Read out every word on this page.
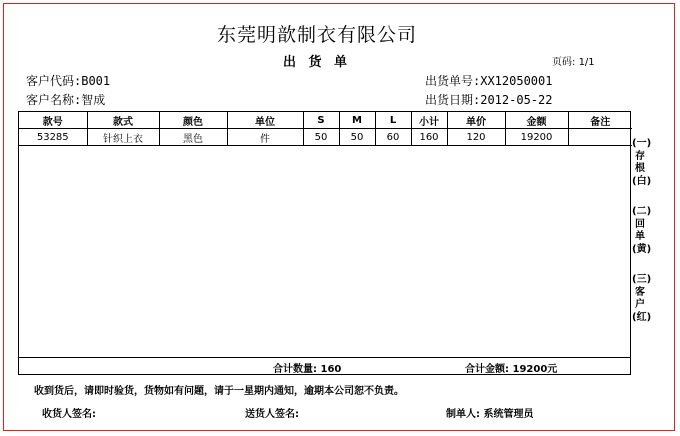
东莞明歆制衣有限公司
出 货 单	页码: 1/1
客户代码:B001
客户名称:智成
出货单号:XX12050001
出货日期:2012-05-22
款号	款式	颜色	单位	S	M	L	小计	单价	金额	备注
53285	针织上衣	黑色	件	50	50	60	160	120	19200	
合计数量: 160	合计金额: 19200元
(一)
存
根
(白)
(二)
回
单
(黄)
(三)
客
户
(红)
收到货后，请即时验货，货物如有问题，请于一星期内通知，逾期本公司恕不负责。
收货人签名:	送货人签名:	制单人: 系统管理员
